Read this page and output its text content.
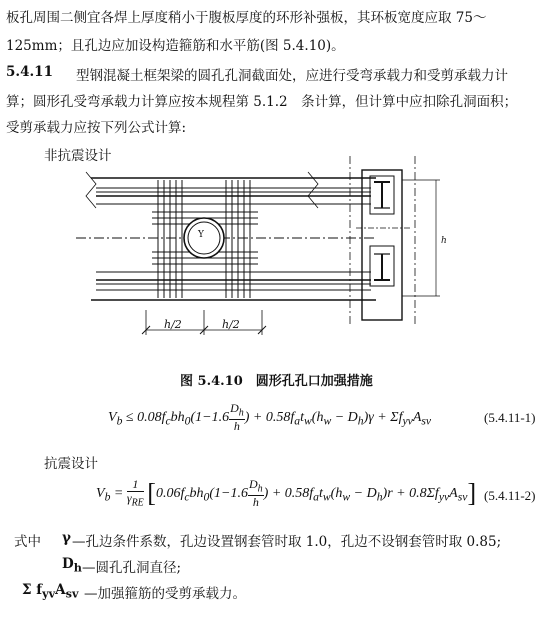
板孔周围二侧宜各焊上厚度稍小于腹板厚度的环形补强板，其环板宽度应取 75～
125mm；且孔边应加设构造箍筋和水平筋(图 5.4.10)。
5.4.11 型钢混凝土框架梁的圆孔孔洞截面处，应进行受弯承载力和受剪承载力计
算；圆形孔受弯承载力计算应按本规程第 5.1.2　条计算，但计算中应扣除孔洞面积；
受剪承载力应按下列公式计算:
非抗震设计
Y
h/2	h/2
h
图 5.4.10　圆形孔孔口加强措施
$V_b \le 0.08f_cbh_0(1-1.6 \frac{D_h}{h}$ ) + $0.58f_at_w(h_w - D_h)\gamma + \Sigma f_{yv}A_{sv}$	(5.4.11-1)
抗震设计
$V_b = \frac{1}{\gamma_{RE}} [0.06f_cbh_0(1-1.6 \frac{D_h}{h}$ ) + $0.58f_at_w(h_w - D_h)r + 0.8\Sigma f_{yv}A_{sv}$] (5.4.11-2)
式中 γ —孔边条件系数，孔边设置钢套管时取 1.0，孔边不设钢套管时取 0.85;
$D_h$ —圆孔孔洞直径;
Σ $f_{yv}A_{sv}$ —加强箍筋的受剪承载力。
